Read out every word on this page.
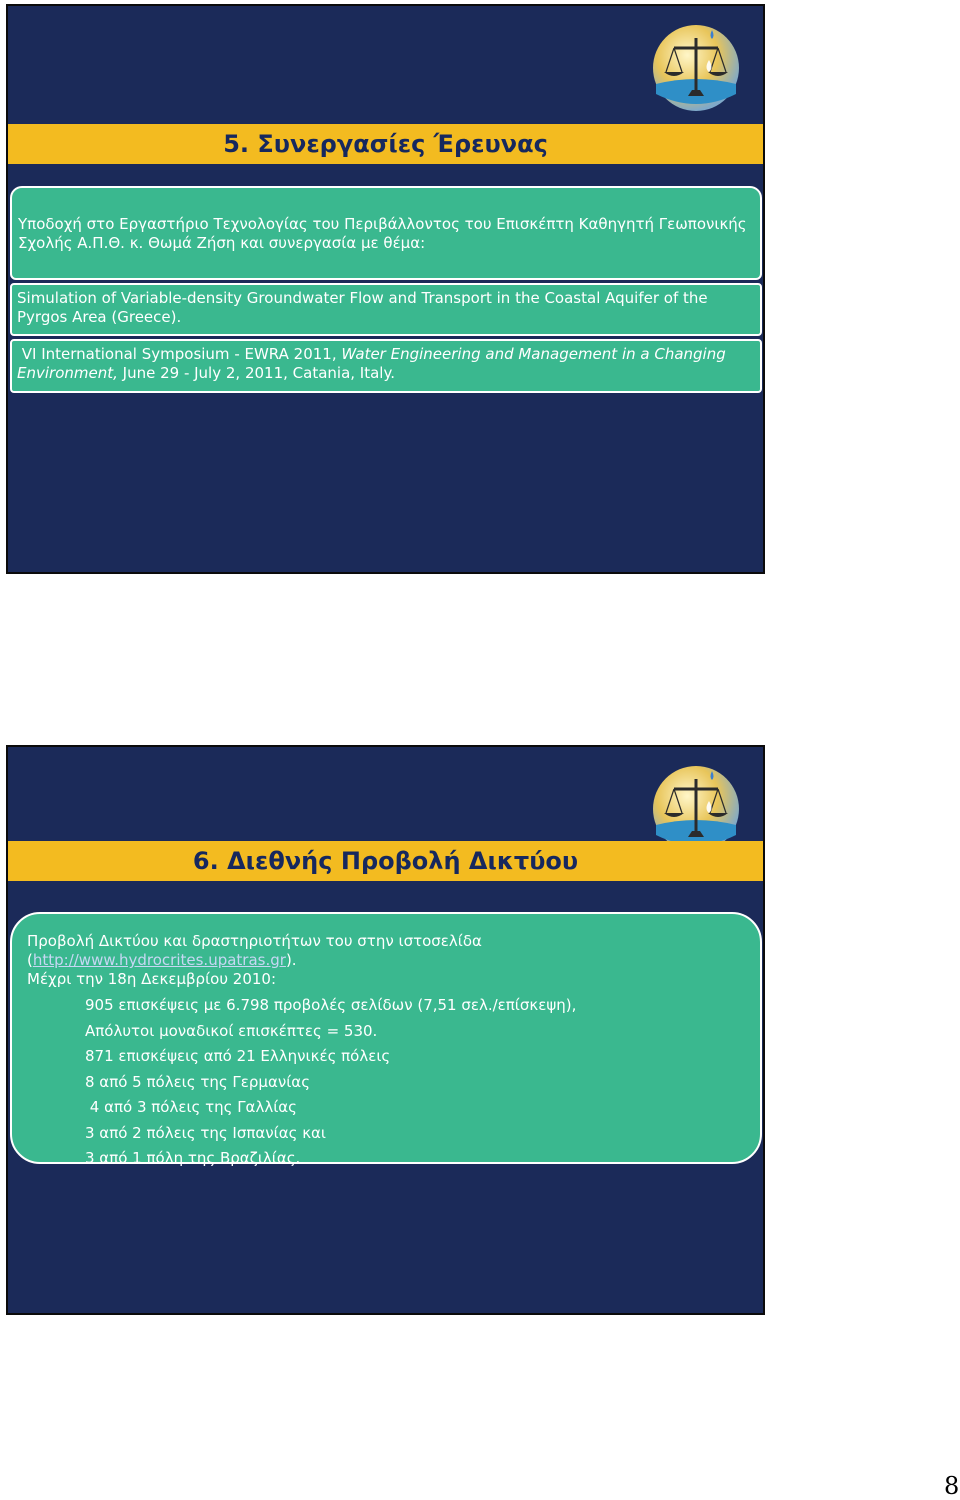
5. Συνεργασίες Έρευνας
Υποδοχή στο Εργαστήριο Τεχνολογίας του Περιβάλλοντος του Επισκέπτη Καθηγητή Γεωπονικής Σχολής Α.Π.Θ. κ. Θωμά Ζήση και συνεργασία με θέμα:
Simulation of Variable-density Groundwater Flow and Transport in the Coastal Aquifer of the Pyrgos Area (Greece).
VI International Symposium - EWRA 2011, Water Engineering and Management in a Changing Environment, June 29 - July 2, 2011, Catania, Italy.
6. Διεθνής Προβολή Δικτύου

Προβολή Δικτύου και δραστηριοτήτων του στην ιστοσελίδα (http://www.hydrocrites.upatras.gr).

Μέχρι την 18η Δεκεμβρίου 2010:

905 επισκέψεις με 6.798 προβολές σελίδων (7,51 σελ./επίσκεψη),

Απόλυτοι μοναδικοί επισκέπτες = 530.

871 επισκέψεις από 21 Ελληνικές πόλεις

8 από 5 πόλεις της Γερμανίας

4 από 3 πόλεις της Γαλλίας

3 από 2 πόλεις της Ισπανίας και

3 από 1 πόλη της Βραζιλίας.

8
